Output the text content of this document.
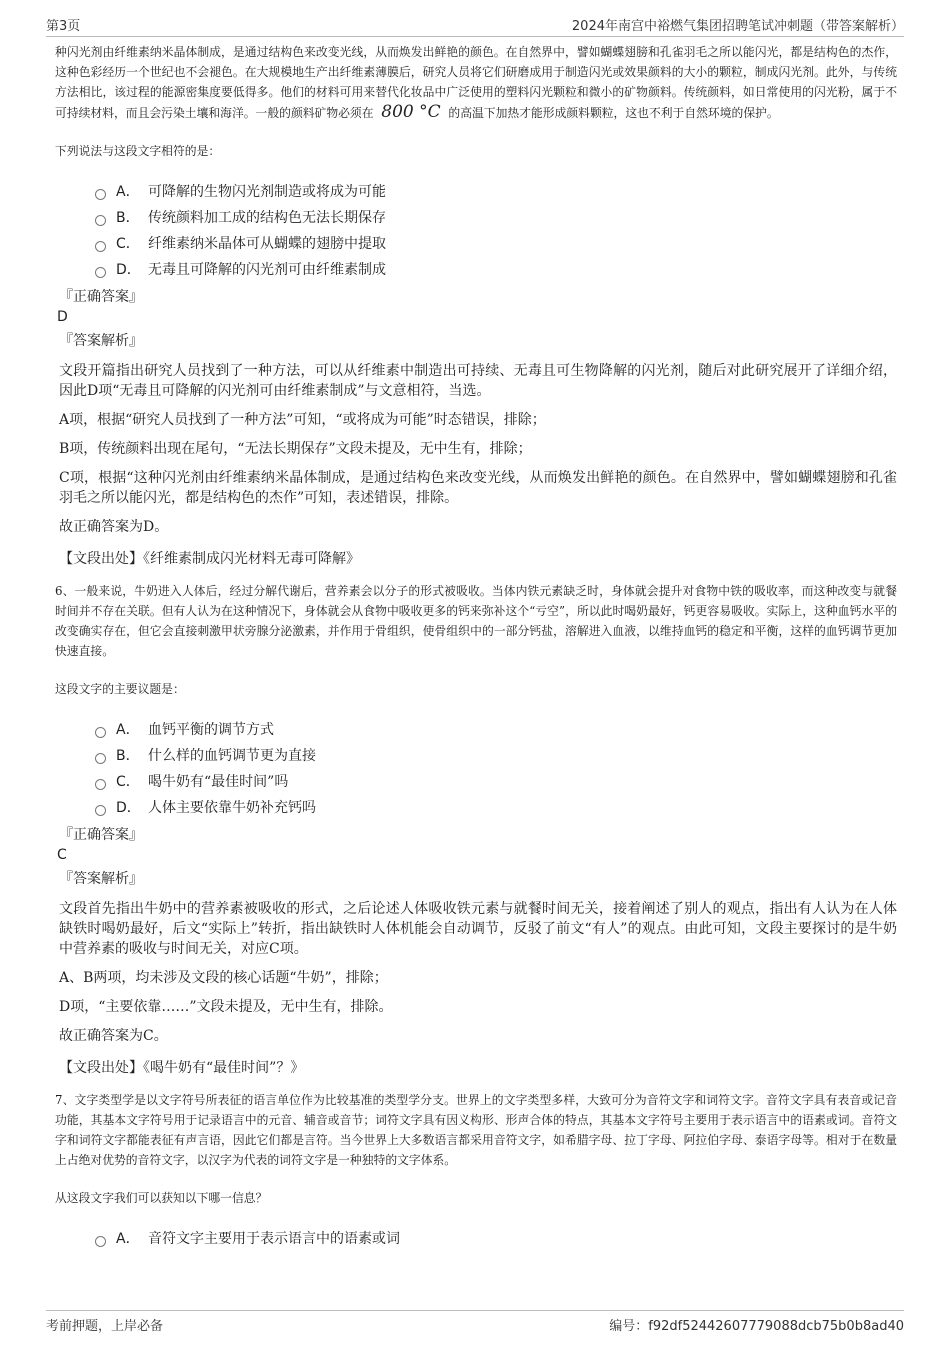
第3页	2024年南宫中裕燃气集团招聘笔试冲刺题（带答案解析）

种闪光剂由纤维素纳米晶体制成，是通过结构色来改变光线，从而焕发出鲜艳的颜色。在自然界中，譬如蝴蝶翅膀和孔雀羽毛之所以能闪光，都是结构色的杰作，这种色彩经历一个世纪也不会褪色。在大规模地生产出纤维素薄膜后，研究人员将它们研磨成用于制造闪光或效果颜料的大小的颗粒，制成闪光剂。此外，与传统方法相比，该过程的能源密集度要低得多。他们的材料可用来替代化妆品中广泛使用的塑料闪光颗粒和微小的矿物颜料。传统颜料，如日常使用的闪光粉，属于不可持续材料，而且会污染土壤和海洋。一般的颜料矿物必须在 800 °C 的高温下加热才能形成颜料颗粒，这也不利于自然环境的保护。

下列说法与这段文字相符的是：

A． 可降解的生物闪光剂制造或将成为可能
B． 传统颜料加工成的结构色无法长期保存
C． 纤维素纳米晶体可从蝴蝶的翅膀中提取
D． 无毒且可降解的闪光剂可由纤维素制成
『正确答案』
D
『答案解析』

文段开篇指出研究人员找到了一种方法，可以从纤维素中制造出可持续、无毒且可生物降解的闪光剂，随后对此研究展开了详细介绍，因此D项“无毒且可降解的闪光剂可由纤维素制成”与文意相符，当选。

A项，根据“研究人员找到了一种方法”可知，“或将成为可能”时态错误，排除；

B项，传统颜料出现在尾句，“无法长期保存”文段未提及，无中生有，排除；

C项，根据“这种闪光剂由纤维素纳米晶体制成，是通过结构色来改变光线，从而焕发出鲜艳的颜色。在自然界中，譬如蝴蝶翅膀和孔雀羽毛之所以能闪光，都是结构色的杰作”可知，表述错误，排除。

故正确答案为D。

【文段出处】《纤维素制成闪光材料无毒可降解》

6、一般来说，牛奶进入人体后，经过分解代谢后，营养素会以分子的形式被吸收。当体内铁元素缺乏时，身体就会提升对食物中铁的吸收率，而这种改变与就餐时间并不存在关联。但有人认为在这种情况下，身体就会从食物中吸收更多的钙来弥补这个“亏空”，所以此时喝奶最好，钙更容易吸收。实际上，这种血钙水平的改变确实存在，但它会直接刺激甲状旁腺分泌激素，并作用于骨组织，使骨组织中的一部分钙盐，溶解进入血液，以维持血钙的稳定和平衡，这样的血钙调节更加快速直接。

这段文字的主要议题是：

A． 血钙平衡的调节方式
B． 什么样的血钙调节更为直接
C． 喝牛奶有“最佳时间”吗
D． 人体主要依靠牛奶补充钙吗
『正确答案』
C
『答案解析』

文段首先指出牛奶中的营养素被吸收的形式，之后论述人体吸收铁元素与就餐时间无关，接着阐述了别人的观点，指出有人认为在人体缺铁时喝奶最好，后文“实际上”转折，指出缺铁时人体机能会自动调节，反驳了前文“有人”的观点。由此可知，文段主要探讨的是牛奶中营养素的吸收与时间无关，对应C项。

A、B两项，均未涉及文段的核心话题“牛奶”，排除；

D项，“主要依靠……”文段未提及，无中生有，排除。

故正确答案为C。

【文段出处】《喝牛奶有“最佳时间”？》

7、文字类型学是以文字符号所表征的语言单位作为比较基准的类型学分支。世界上的文字类型多样，大致可分为音符文字和词符文字。音符文字具有表音或记音功能，其基本文字符号用于记录语言中的元音、辅音或音节；词符文字具有因义构形、形声合体的特点，其基本文字符号主要用于表示语言中的语素或词。音符文字和词符文字都能表征有声言语，因此它们都是言符。当今世界上大多数语言都采用音符文字，如希腊字母、拉丁字母、阿拉伯字母、泰语字母等。相对于在数量上占绝对优势的音符文字，以汉字为代表的词符文字是一种独特的文字体系。

从这段文字我们可以获知以下哪一信息？

A． 音符文字主要用于表示语言中的语素或词
考前押题，上岸必备	编号：f92df52442607779088dcb75b0b8ad40
